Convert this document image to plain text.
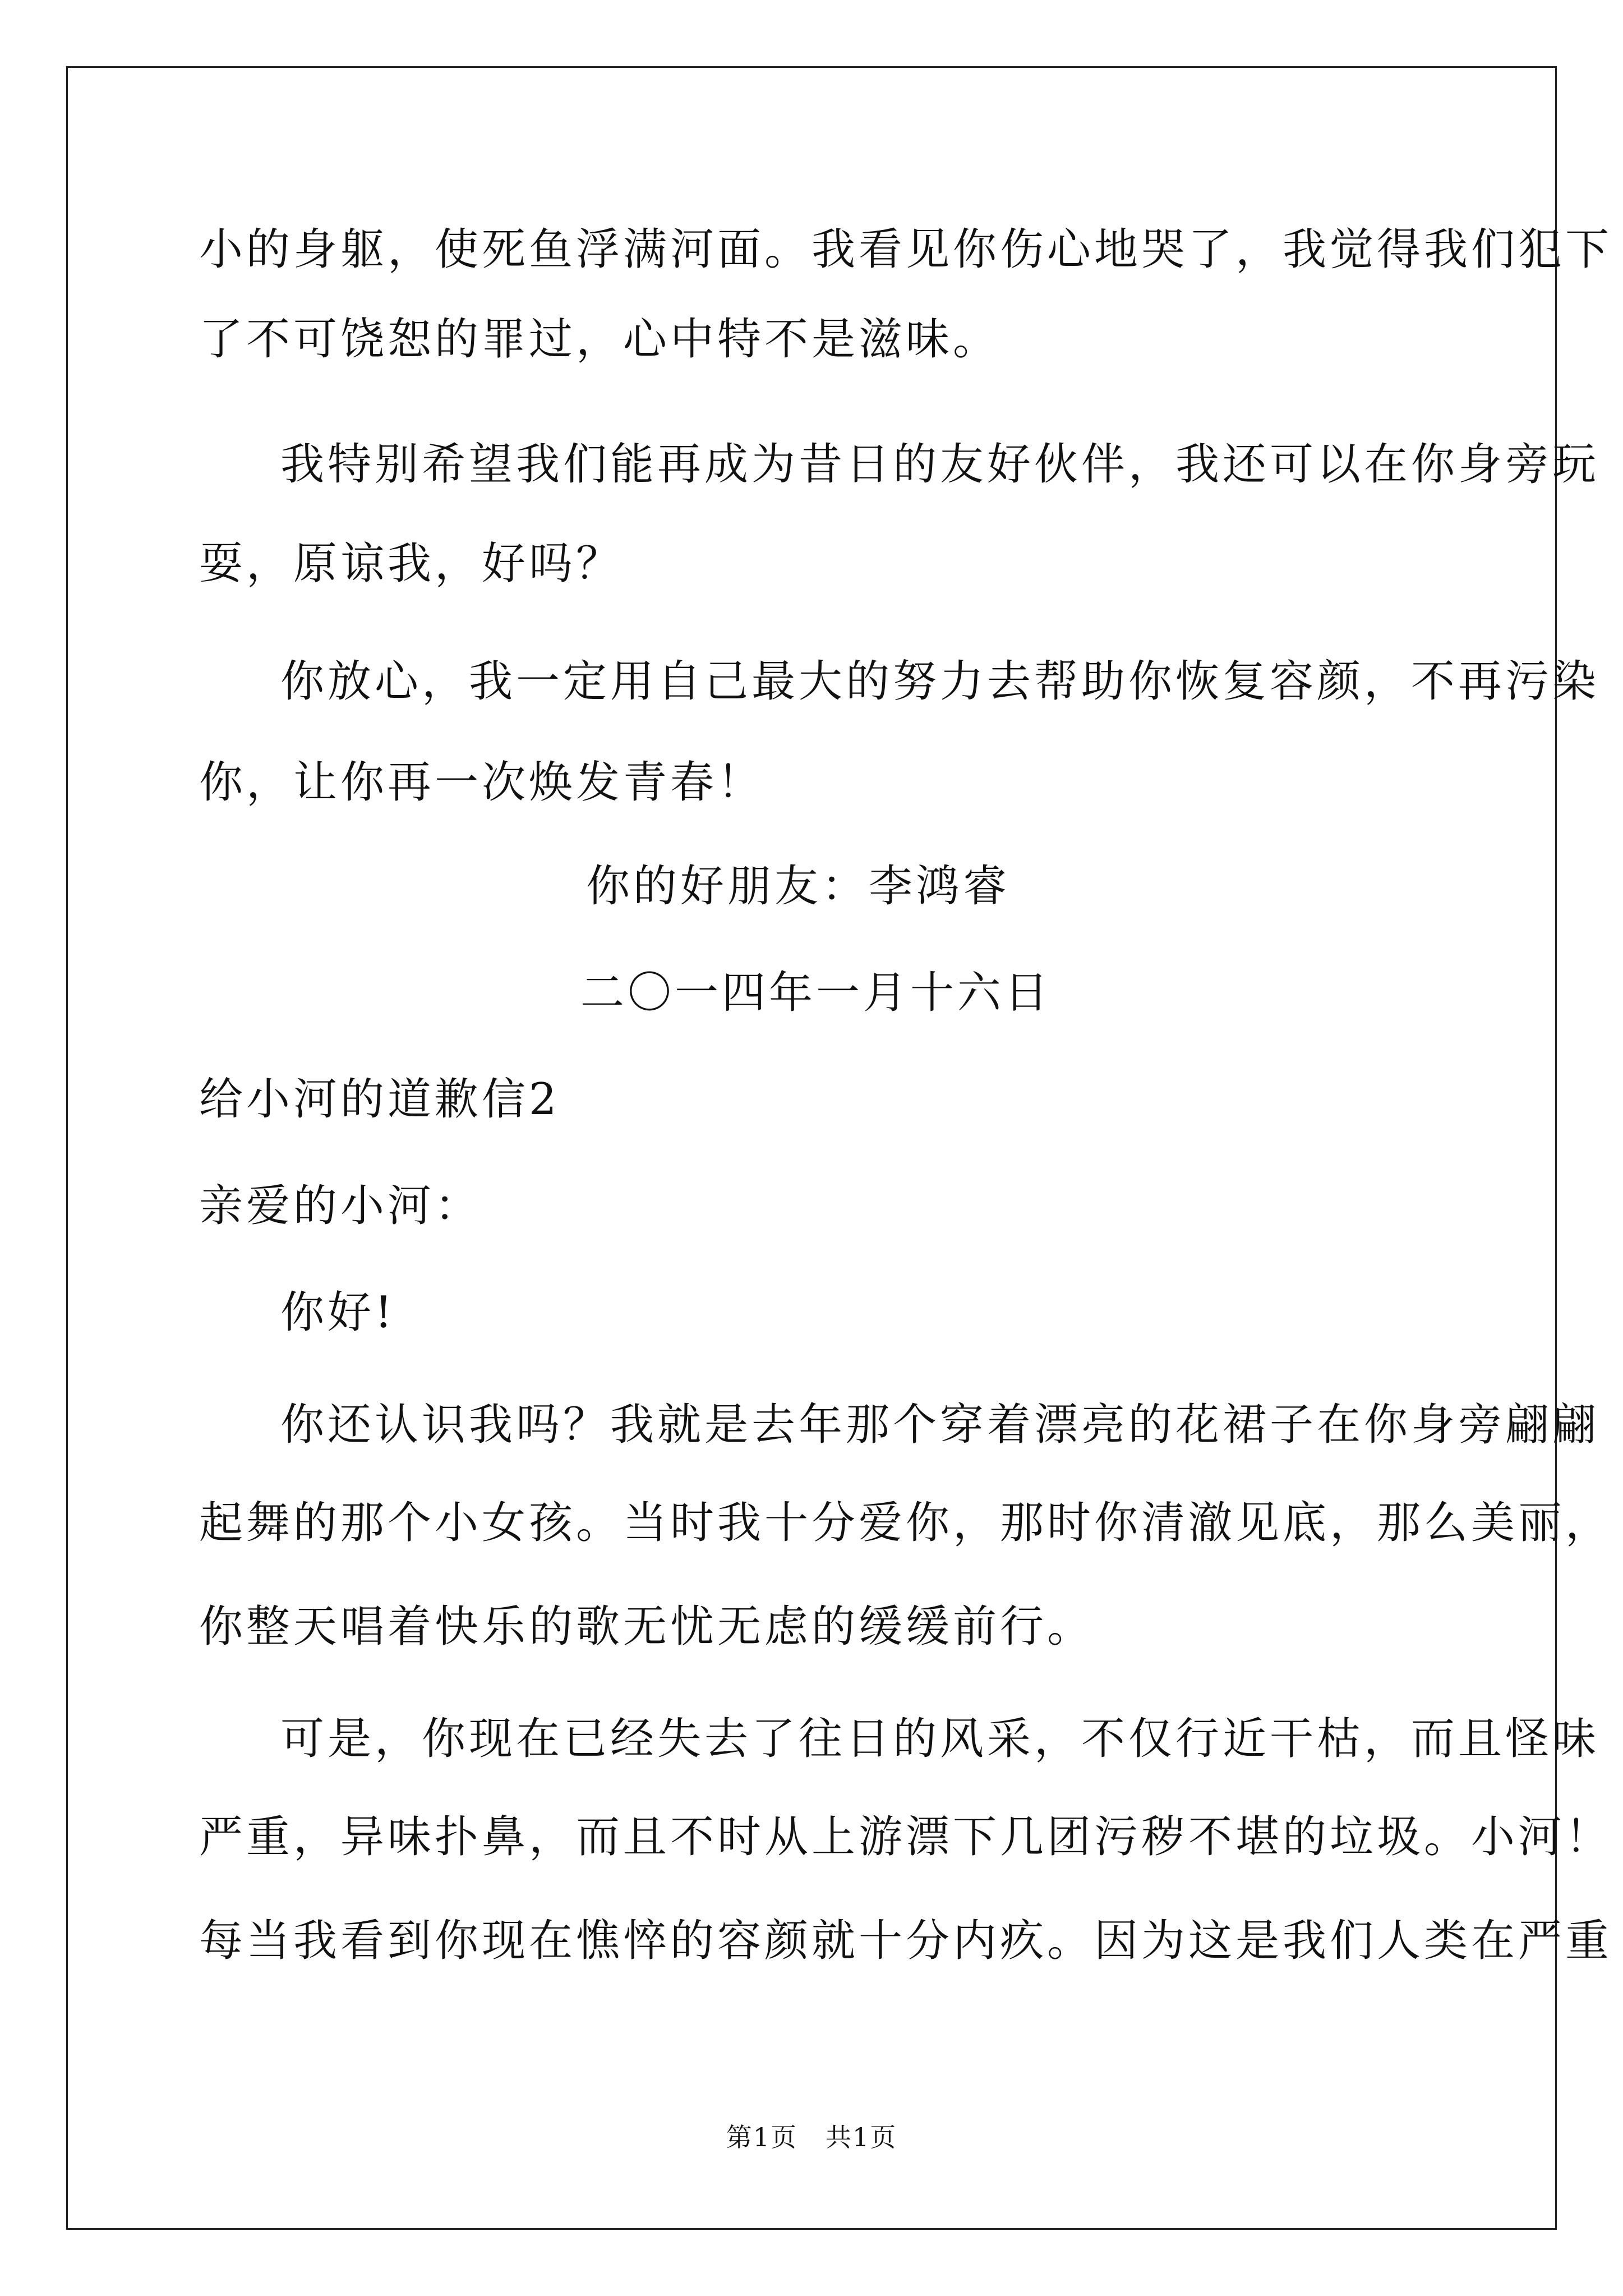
小的身躯，使死鱼浮满河面。我看见你伤心地哭了，我觉得我们犯下
了不可饶恕的罪过，心中特不是滋味。
我特别希望我们能再成为昔日的友好伙伴，我还可以在你身旁玩
耍，原谅我，好吗？
你放心，我一定用自己最大的努力去帮助你恢复容颜，不再污染
你，让你再一次焕发青春！
你的好朋友：李鸿睿
二〇一四年一月十六日
给小河的道歉信2
亲爱的小河：
你好!
你还认识我吗？我就是去年那个穿着漂亮的花裙子在你身旁翩翩
起舞的那个小女孩。当时我十分爱你，那时你清澈见底，那么美丽，
你整天唱着快乐的歌无忧无虑的缓缓前行。
可是，你现在已经失去了往日的风采，不仅行近干枯，而且怪味
严重，异味扑鼻，而且不时从上游漂下几团污秽不堪的垃圾。小河！
每当我看到你现在憔悴的容颜就十分内疚。因为这是我们人类在严重
第1页 共1页
